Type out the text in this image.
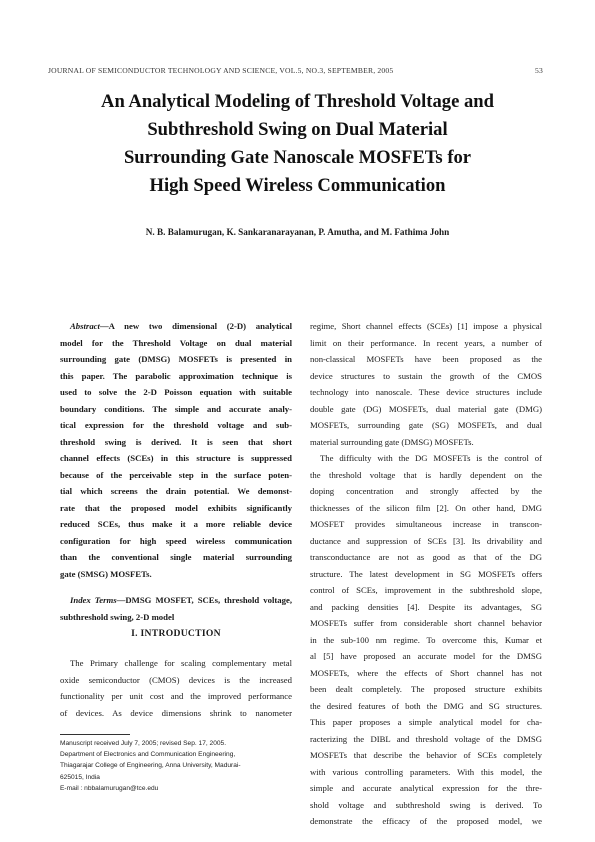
JOURNAL OF SEMICONDUCTOR TECHNOLOGY AND SCIENCE, VOL.5, NO.3, SEPTEMBER, 2005	53
An Analytical Modeling of Threshold Voltage and
Subthreshold Swing on Dual Material
Surrounding Gate Nanoscale MOSFETs for
High Speed Wireless Communication
N. B. Balamurugan, K. Sankaranarayanan, P. Amutha, and M. Fathima John
Abstract—A new two dimensional (2-D) analytical
model for the Threshold Voltage on dual material
surrounding gate (DMSG) MOSFETs is presented in
this paper. The parabolic approximation technique is
used to solve the 2-D Poisson equation with suitable
boundary conditions. The simple and accurate analy-
tical expression for the threshold voltage and sub-
threshold swing is derived. It is seen that short
channel effects (SCEs) in this structure is suppressed
because of the perceivable step in the surface poten-
tial which screens the drain potential. We demonst-
rate that the proposed model exhibits significantly
reduced SCEs, thus make it a more reliable device
configuration for high speed wireless communication
than the conventional single material surrounding
gate (SMSG) MOSFETs.
Index Terms—DMSG MOSFET, SCEs, threshold voltage,
subthreshold swing, 2-D model
I. INTRODUCTION
The Primary challenge for scaling complementary metal
oxide semiconductor (CMOS) devices is the increased
functionality per unit cost and the improved performance
of devices. As device dimensions shrink to nanometer
Manuscript received July 7, 2005; revised Sep. 17, 2005.
Department of Electronics and Communication Engineering,
Thiagarajar College of Engineering, Anna University, Madurai-
625015, India
E-mail : nbbalamurugan@tce.edu
regime, Short channel effects (SCEs) [1] impose a physical
limit on their performance. In recent years, a number of
non-classical MOSFETs have been proposed as the
device structures to sustain the growth of the CMOS
technology into nanoscale. These device structures include
double gate (DG) MOSFETs, dual material gate (DMG)
MOSFETs, surrounding gate (SG) MOSFETs, and dual
material surrounding gate (DMSG) MOSFETs.
The difficulty with the DG MOSFETs is the control of
the threshold voltage that is hardly dependent on the
doping concentration and strongly affected by the
thicknesses of the silicon film [2]. On other hand, DMG
MOSFET provides simultaneous increase in transcon-
ductance and suppression of SCEs [3]. Its drivability and
transconductance are not as good as that of the DG
structure. The latest development in SG MOSFETs offers
control of SCEs, improvement in the subthreshold slope,
and packing densities [4]. Despite its advantages, SG
MOSFETs suffer from considerable short channel behavior
in the sub-100 nm regime. To overcome this, Kumar et
al [5] have proposed an accurate model for the DMSG
MOSFETs, where the effects of Short channel has not
been dealt completely. The proposed structure exhibits
the desired features of both the DMG and SG structures.
This paper proposes a simple analytical model for cha-
racterizing the DIBL and threshold voltage of the DMSG
MOSFETs that describe the behavior of SCEs completely
with various controlling parameters. With this model, the
simple and accurate analytical expression for the thre-
shold voltage and subthreshold swing is derived. To
demonstrate the efficacy of the proposed model, we
